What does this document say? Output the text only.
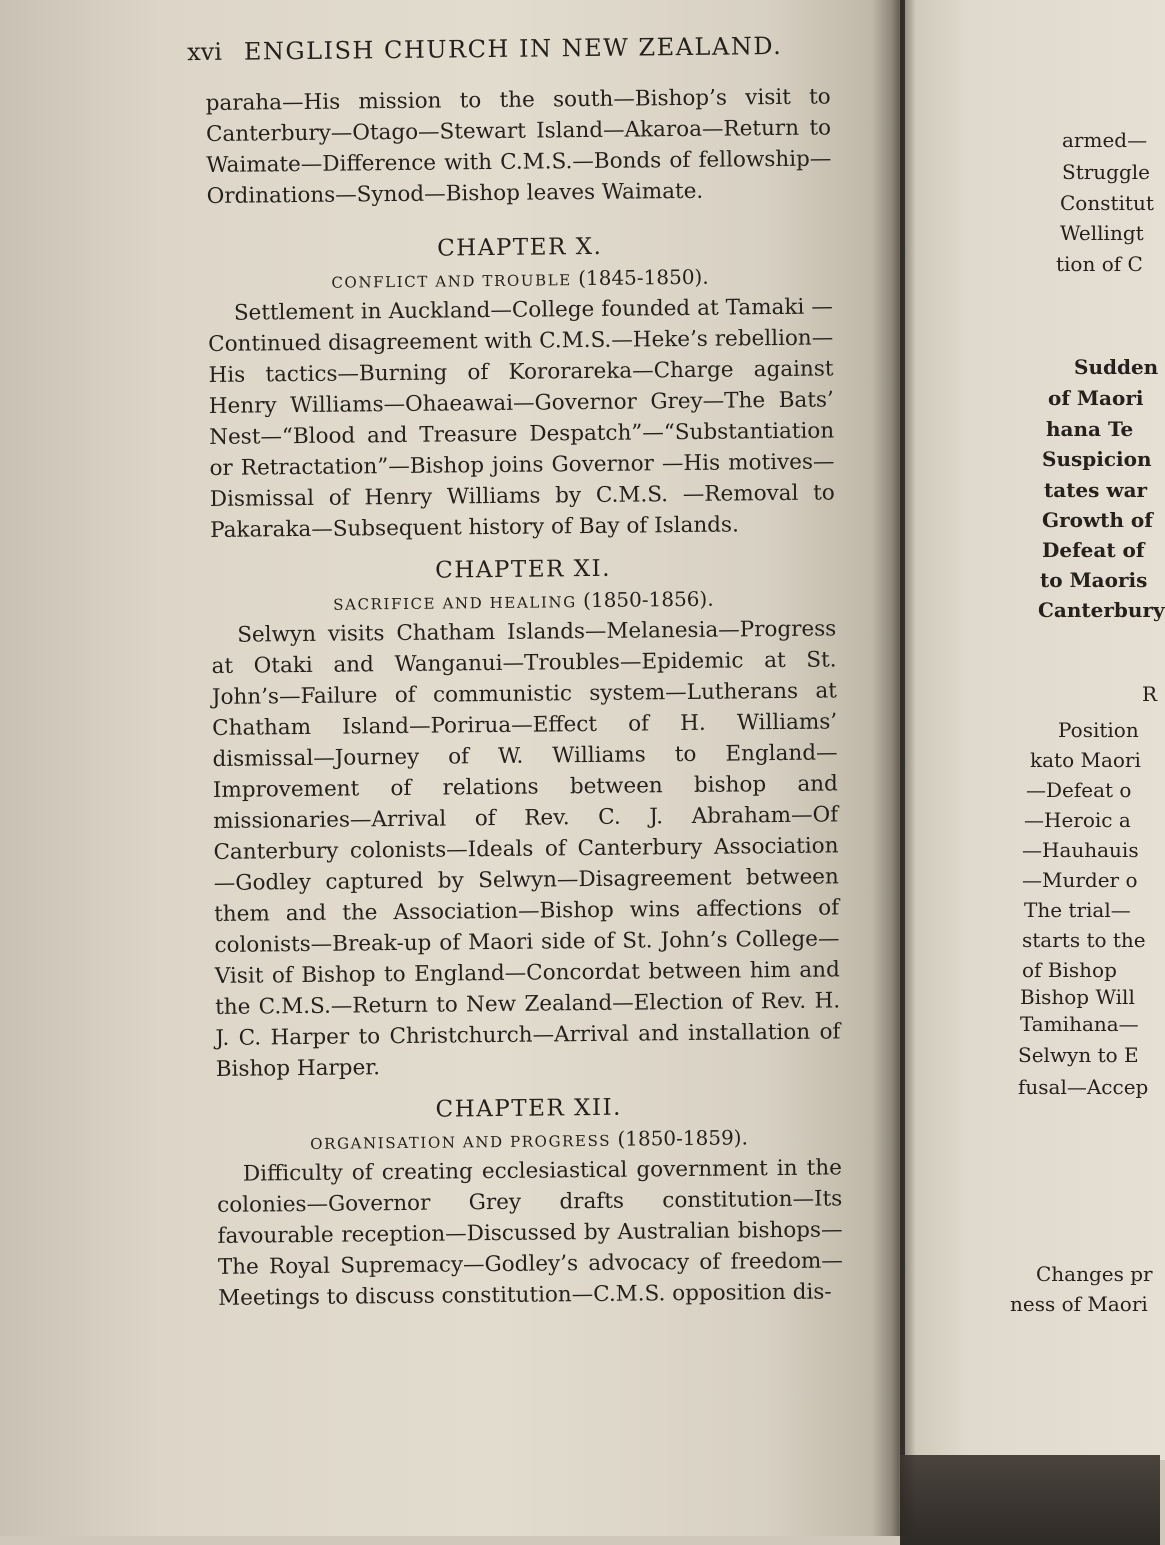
xvi ENGLISH CHURCH IN NEW ZEALAND.

paraha—His mission to the south—Bishop’s visit to Canterbury—Otago—Stewart Island—Akaroa—Return to Waimate—Difference with C.M.S.—Bonds of fellowship—Ordinations—Synod—Bishop leaves Waimate.

CHAPTER X.
CONFLICT AND TROUBLE (1845-1850).

Settlement in Auckland—College founded at Tamaki —Continued disagreement with C.M.S.—Heke’s rebellion—His tactics—Burning of Kororareka—Charge against Henry Williams—Ohaeawai—Governor Grey—The Bats’ Nest—“Blood and Treasure Despatch”—“Substantiation or Retractation”—Bishop joins Governor —His motives—Dismissal of Henry Williams by C.M.S. —Removal to Pakaraka—Subsequent history of Bay of Islands.

CHAPTER XI.
SACRIFICE AND HEALING (1850-1856).

Selwyn visits Chatham Islands—Melanesia—Progress at Otaki and Wanganui—Troubles—Epidemic at St. John’s—Failure of communistic system—Lutherans at Chatham Island—Porirua—Effect of H. Williams’ dismissal—Journey of W. Williams to England—Improvement of relations between bishop and missionaries—Arrival of Rev. C. J. Abraham—Of Canterbury colonists—Ideals of Canterbury Association—Godley captured by Selwyn—Disagreement between them and the Association—Bishop wins affections of colonists—Break-up of Maori side of St. John’s College—Visit of Bishop to England—Concordat between him and the C.M.S.—Return to New Zealand—Election of Rev. H. J. C. Harper to Christchurch—Arrival and installation of Bishop Harper.

CHAPTER XII.
ORGANISATION AND PROGRESS (1850-1859).

Difficulty of creating ecclesiastical government in the colonies—Governor Grey drafts constitution—Its favourable reception—Discussed by Australian bishops—The Royal Supremacy—Godley’s advocacy of freedom—Meetings to discuss constitution—C.M.S. opposition dis-

armed—
Struggle
Constitut
Wellingt
tion of C
Sudden
of Maori
hana Te
Suspicion
tates war
Growth of
Defeat of
to Maoris
Canterbury
R
Position
kato Maori
—Defeat o
—Heroic a
—Hauhauis
—Murder o
The trial—
starts to the
of Bishop
Bishop Will
Tamihana—
Selwyn to E
fusal—Accep
Changes pr
ness of Maori
